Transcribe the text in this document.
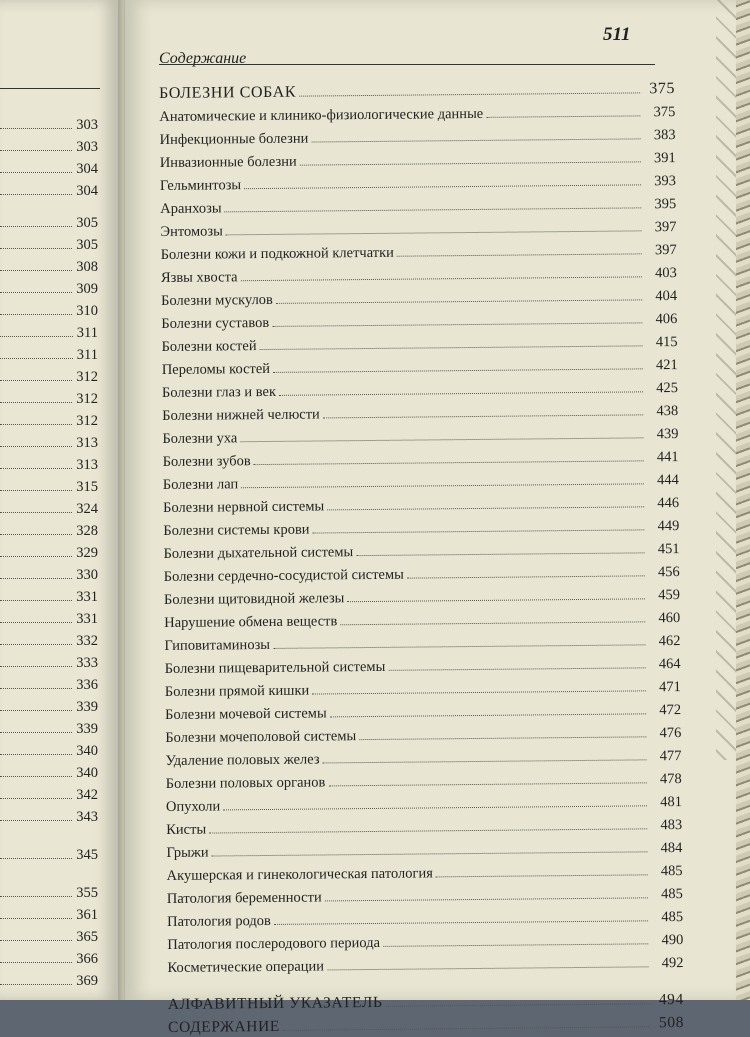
303
303
304
304
305
305
308
309
310
311
311
312
312
312
313
313
315
324
328
329
330
331
331
332
333
336
339
339
340
340
342
343
345
355
361
365
366
369
511
Содержание
БОЛЕЗНИ СОБАК	375
Анатомические и клинико-физиологические данные	375
Инфекционные болезни	383
Инвазионные болезни	391
Гельминтозы	393
Аранхозы	395
Энтомозы	397
Болезни кожи и подкожной клетчатки	397
Язвы хвоста	403
Болезни мускулов	404
Болезни суставов	406
Болезни костей	415
Переломы костей	421
Болезни глаз и век	425
Болезни нижней челюсти	438
Болезни уха	439
Болезни зубов	441
Болезни лап	444
Болезни нервной системы	446
Болезни системы крови	449
Болезни дыхательной системы	451
Болезни сердечно-сосудистой системы	456
Болезни щитовидной железы	459
Нарушение обмена веществ	460
Гиповитаминозы	462
Болезни пищеварительной системы	464
Болезни прямой кишки	471
Болезни мочевой системы	472
Болезни мочеполовой системы	476
Удаление половых желез	477
Болезни половых органов	478
Опухоли	481
Кисты	483
Грыжи	484
Акушерская и гинекологическая патология	485
Патология беременности	485
Патология родов	485
Патология послеродового периода	490
Косметические операции	492
АЛФАВИТНЫЙ УКАЗАТЕЛЬ	494
СОДЕРЖАНИЕ	508
